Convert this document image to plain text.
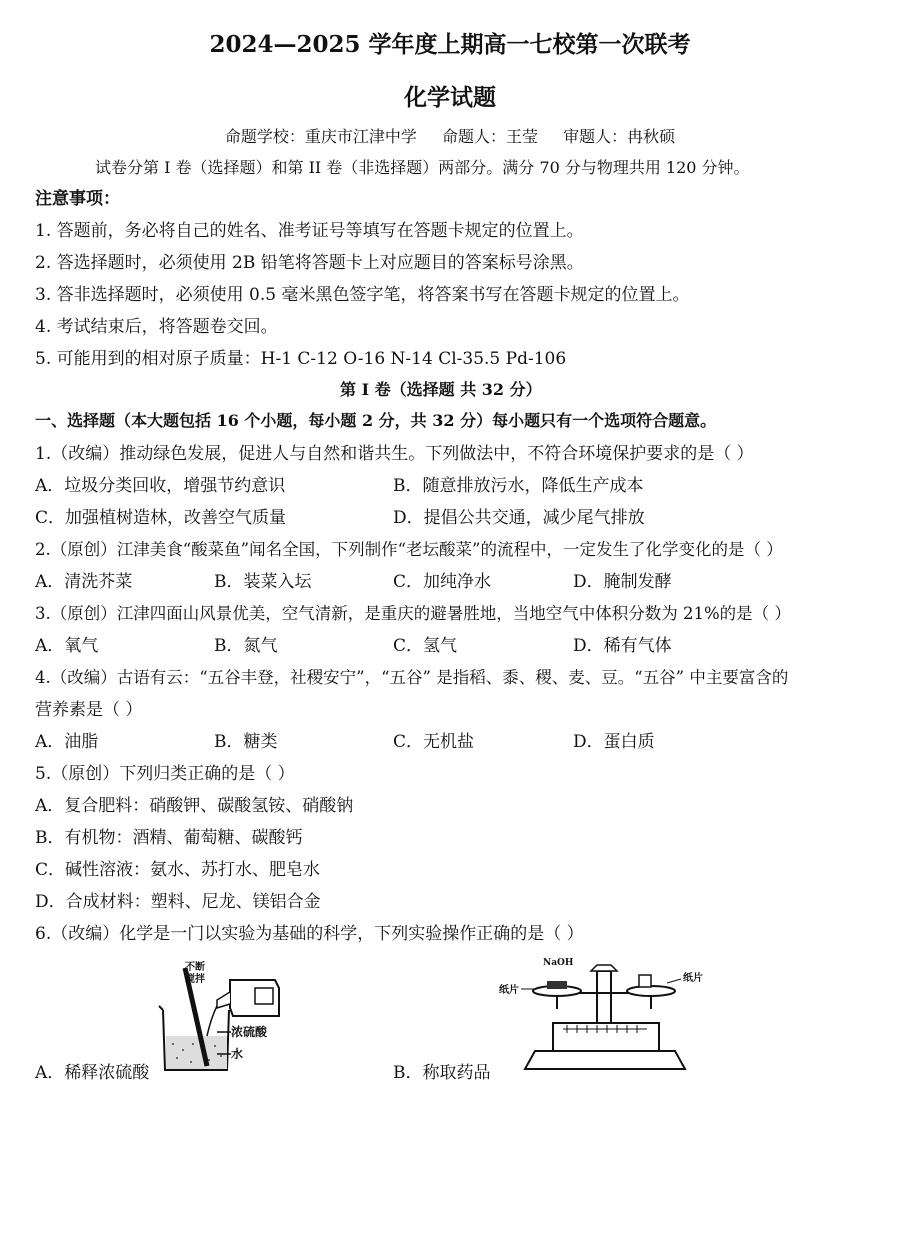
2024—2025 学年度上期高一七校第一次联考
化学试题
命题学校：重庆市江津中学 命题人：王莹 审题人：冉秋硕
试卷分第 I 卷（选择题）和第 II 卷（非选择题）两部分。满分 70 分与物理共用 120 分钟。
注意事项：
1. 答题前，务必将自己的姓名、准考证号等填写在答题卡规定的位置上。
2. 答选择题时，必须使用 2B 铅笔将答题卡上对应题目的答案标号涂黑。
3. 答非选择题时，必须使用 0.5 毫米黑色签字笔，将答案书写在答题卡规定的位置上。
4. 考试结束后，将答题卷交回。
5. 可能用到的相对原子质量：H-1 C-12 O-16 N-14 Cl-35.5 Pd-106
第 I 卷（选择题 共 32 分）
一、选择题（本大题包括 16 个小题，每小题 2 分，共 32 分）每小题只有一个选项符合题意。
1.（改编）推动绿色发展，促进人与自然和谐共生。下列做法中，不符合环境保护要求的是（ ）
A．垃圾分类回收，增强节约意识	B．随意排放污水，降低生产成本
C．加强植树造林，改善空气质量	D．提倡公共交通，减少尾气排放
2.（原创）江津美食“酸菜鱼”闻名全国，下列制作“老坛酸菜”的流程中，一定发生了化学变化的是（ ）
A．清洗芥菜	B．装菜入坛	C．加纯净水	D．腌制发酵
3.（原创）江津四面山风景优美，空气清新，是重庆的避暑胜地，当地空气中体积分数为 21%的是（ ）
A．氧气	B．氮气	C．氢气	D．稀有气体
4.（改编）古语有云：“五谷丰登，社稷安宁”，“五谷” 是指稻、黍、稷、麦、豆。“五谷” 中主要富含的
营养素是（ ）
A．油脂	B．糖类	C．无机盐	D．蛋白质
5.（原创）下列归类正确的是（ ）
A．复合肥料：硝酸钾、碳酸氢铵、硝酸钠
B．有机物：酒精、葡萄糖、碳酸钙
C．碱性溶液：氨水、苏打水、肥皂水
D．合成材料：塑料、尼龙、镁铝合金
6.（改编）化学是一门以实验为基础的科学，下列实验操作正确的是（ ）
不断
搅拌
浓硫酸
水
A．稀释浓硫酸
NaOH
纸片
纸片
B．称取药品
